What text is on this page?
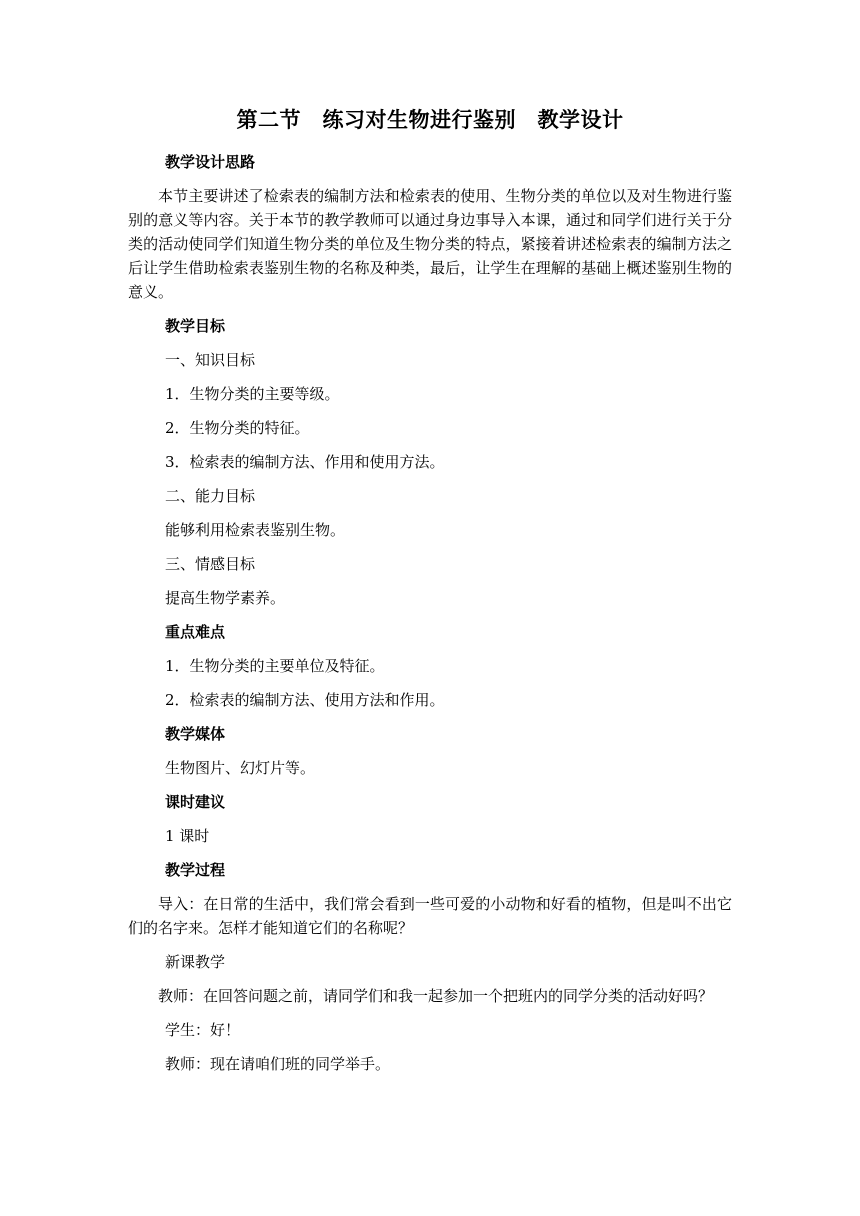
第二节　练习对生物进行鉴别　教学设计

教学设计思路

本节主要讲述了检索表的编制方法和检索表的使用、生物分类的单位以及对生物进行鉴别的意义等内容。关于本节的教学教师可以通过身边事导入本课，通过和同学们进行关于分类的活动使同学们知道生物分类的单位及生物分类的特点，紧接着讲述检索表的编制方法之后让学生借助检索表鉴别生物的名称及种类，最后，让学生在理解的基础上概述鉴别生物的意义。

教学目标

一、知识目标

1．生物分类的主要等级。

2．生物分类的特征。

3．检索表的编制方法、作用和使用方法。

二、能力目标

能够利用检索表鉴别生物。

三、情感目标

提高生物学素养。

重点难点

1．生物分类的主要单位及特征。

2．检索表的编制方法、使用方法和作用。

教学媒体

生物图片、幻灯片等。

课时建议

1 课时

教学过程

导入：在日常的生活中，我们常会看到一些可爱的小动物和好看的植物，但是叫不出它们的名字来。怎样才能知道它们的名称呢？

新课教学

教师：在回答问题之前，请同学们和我一起参加一个把班内的同学分类的活动好吗？

学生：好！

教师：现在请咱们班的同学举手。
